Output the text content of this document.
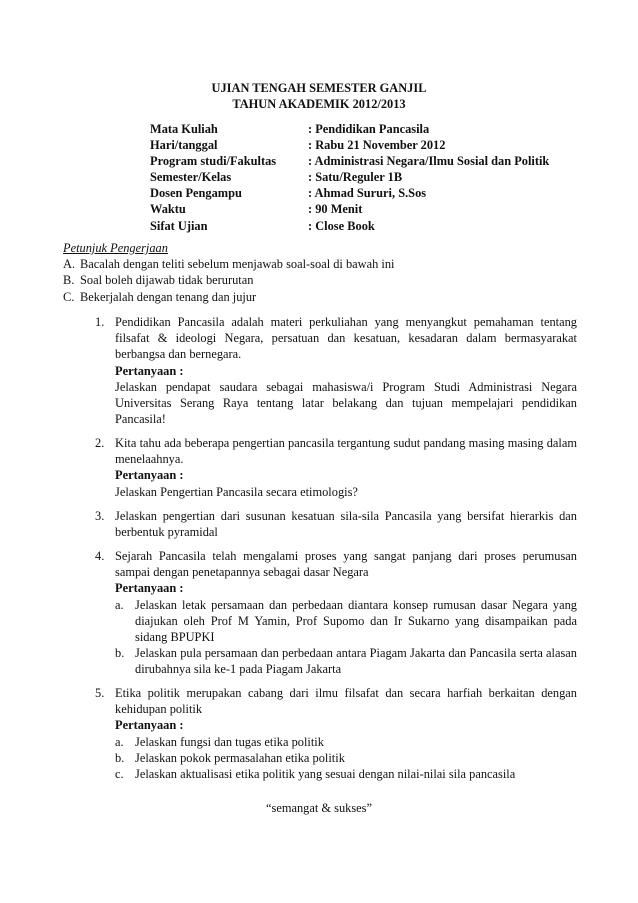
UJIAN TENGAH SEMESTER GANJIL
TAHUN AKADEMIK 2012/2013
Mata Kuliah	: Pendidikan Pancasila
Hari/tanggal	: Rabu 21 November 2012
Program studi/Fakultas	: Administrasi Negara/Ilmu Sosial dan Politik
Semester/Kelas	: Satu/Reguler 1B
Dosen Pengampu	: Ahmad Sururi, S.Sos
Waktu	: 90 Menit
Sifat Ujian	: Close Book
Petunjuk Pengerjaan
A. Bacalah dengan teliti sebelum menjawab soal-soal di bawah ini
B. Soal boleh dijawab tidak berurutan
C. Bekerjalah dengan tenang dan jujur
1. Pendidikan Pancasila adalah materi perkuliahan yang menyangkut pemahaman tentang filsafat & ideologi Negara, persatuan dan kesatuan, kesadaran dalam bermasyarakat berbangsa dan bernegara.
Pertanyaan :
Jelaskan pendapat saudara sebagai mahasiswa/i Program Studi Administrasi Negara Universitas Serang Raya tentang latar belakang dan tujuan mempelajari pendidikan Pancasila!
2. Kita tahu ada beberapa pengertian pancasila tergantung sudut pandang masing masing dalam menelaahnya.
Pertanyaan :
Jelaskan Pengertian Pancasila secara etimologis?
3. Jelaskan pengertian dari susunan kesatuan sila-sila Pancasila yang bersifat hierarkis dan berbentuk pyramidal
4. Sejarah Pancasila telah mengalami proses yang sangat panjang dari proses perumusan sampai dengan penetapannya sebagai dasar Negara
Pertanyaan :
a. Jelaskan letak persamaan dan perbedaan diantara konsep rumusan dasar Negara yang diajukan oleh Prof M Yamin, Prof Supomo dan Ir Sukarno yang disampaikan pada sidang BPUPKI
b. Jelaskan pula persamaan dan perbedaan antara Piagam Jakarta dan Pancasila serta alasan dirubahnya sila ke-1 pada Piagam Jakarta
5. Etika politik merupakan cabang dari ilmu filsafat dan secara harfiah berkaitan dengan kehidupan politik
Pertanyaan :
a. Jelaskan fungsi dan tugas etika politik
b. Jelaskan pokok permasalahan etika politik
c. Jelaskan aktualisasi etika politik yang sesuai dengan nilai-nilai sila pancasila
“semangat & sukses”
